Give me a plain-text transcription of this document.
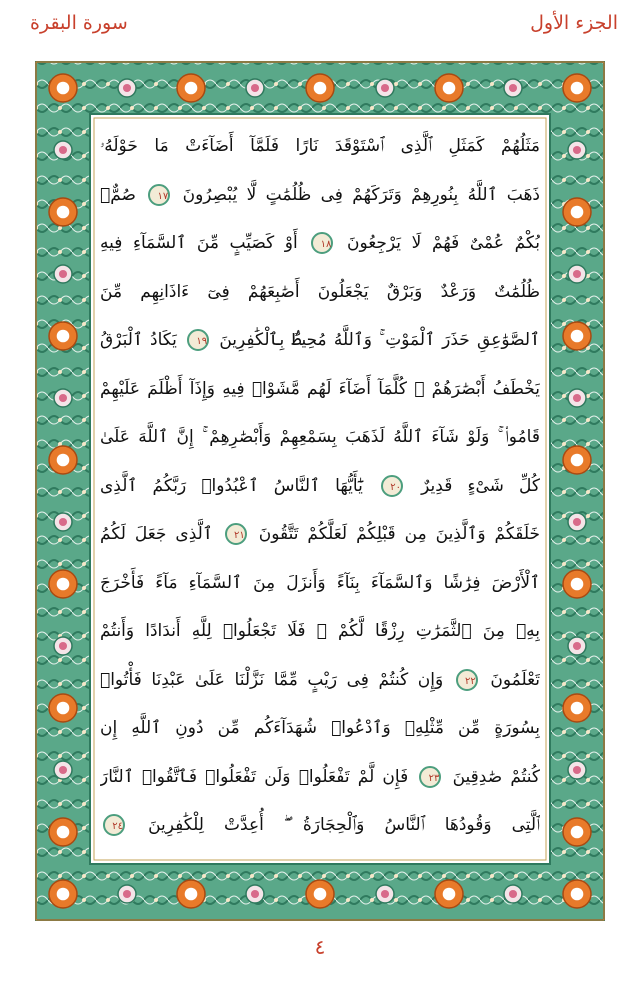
الجزء الأول
سورة البقرة
مَثَلُهُمْ كَمَثَلِ ٱلَّذِى ٱسْتَوْقَدَ نَارًا فَلَمَّآ أَضَآءَتْ مَا حَوْلَهُۥ
ذَهَبَ ٱللَّهُ بِنُورِهِمْ وَتَرَكَهُمْ فِى ظُلُمَٰتٍ لَّا يُبْصِرُونَ ١٧ صُمٌّۢ
بُكْمٌ عُمْىٌ فَهُمْ لَا يَرْجِعُونَ ١٨ أَوْ كَصَيِّبٍ مِّنَ ٱلسَّمَآءِ فِيهِ
ظُلُمَٰتٌ وَرَعْدٌ وَبَرْقٌ يَجْعَلُونَ أَصَٰبِعَهُمْ فِىٓ ءَاذَانِهِم مِّنَ
ٱلصَّوَٰعِقِ حَذَرَ ٱلْمَوْتِ ۚ وَٱللَّهُ مُحِيطٌۢ بِٱلْكَٰفِرِينَ ١٩ يَكَادُ ٱلْبَرْقُ
يَخْطَفُ أَبْصَٰرَهُمْ ۖ كُلَّمَآ أَضَآءَ لَهُم مَّشَوْا۟ فِيهِ وَإِذَآ أَظْلَمَ عَلَيْهِمْ
قَامُوا۟ ۚ وَلَوْ شَآءَ ٱللَّهُ لَذَهَبَ بِسَمْعِهِمْ وَأَبْصَٰرِهِمْ ۚ إِنَّ ٱللَّهَ عَلَىٰ
كُلِّ شَىْءٍ قَدِيرٌ ٢٠ يَٰٓأَيُّهَا ٱلنَّاسُ ٱعْبُدُوا۟ رَبَّكُمُ ٱلَّذِى
خَلَقَكُمْ وَٱلَّذِينَ مِن قَبْلِكُمْ لَعَلَّكُمْ تَتَّقُونَ ٢١ ٱلَّذِى جَعَلَ لَكُمُ
ٱلْأَرْضَ فِرَٰشًا وَٱلسَّمَآءَ بِنَآءً وَأَنزَلَ مِنَ ٱلسَّمَآءِ مَآءً فَأَخْرَجَ
بِهِۦ مِنَ ٱلثَّمَرَٰتِ رِزْقًا لَّكُمْ ۖ فَلَا تَجْعَلُوا۟ لِلَّهِ أَندَادًا وَأَنتُمْ
تَعْلَمُونَ ٢٢ وَإِن كُنتُمْ فِى رَيْبٍ مِّمَّا نَزَّلْنَا عَلَىٰ عَبْدِنَا فَأْتُوا۟
بِسُورَةٍ مِّن مِّثْلِهِۦ وَٱدْعُوا۟ شُهَدَآءَكُم مِّن دُونِ ٱللَّهِ إِن
كُنتُمْ صَٰدِقِينَ ٢٣ فَإِن لَّمْ تَفْعَلُوا۟ وَلَن تَفْعَلُوا۟ فَٱتَّقُوا۟ ٱلنَّارَ
ٱلَّتِى وَقُودُهَا ٱلنَّاسُ وَٱلْحِجَارَةُ ۖ أُعِدَّتْ لِلْكَٰفِرِينَ ٢٤
٤
